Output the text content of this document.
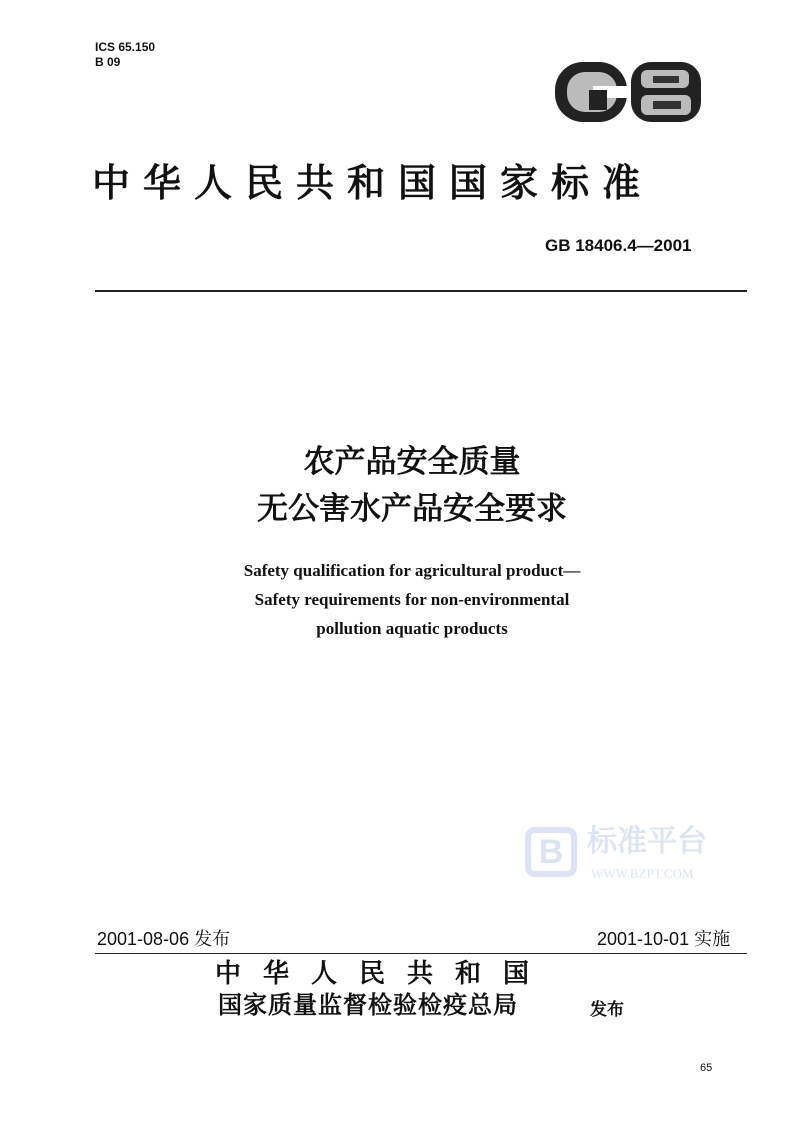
ICS 65.150
B 09
中华人民共和国国家标准
GB 18406.4—2001
农产品安全质量
无公害水产品安全要求
Safety qualification for agricultural product—
Safety requirements for non-environmental
pollution aquatic products
B 标准平台
WWW.BZPT.COM
2001-08-06 发布	2001-10-01 实施
中华人民共和国
国家质量监督检验检疫总局	发布
65
